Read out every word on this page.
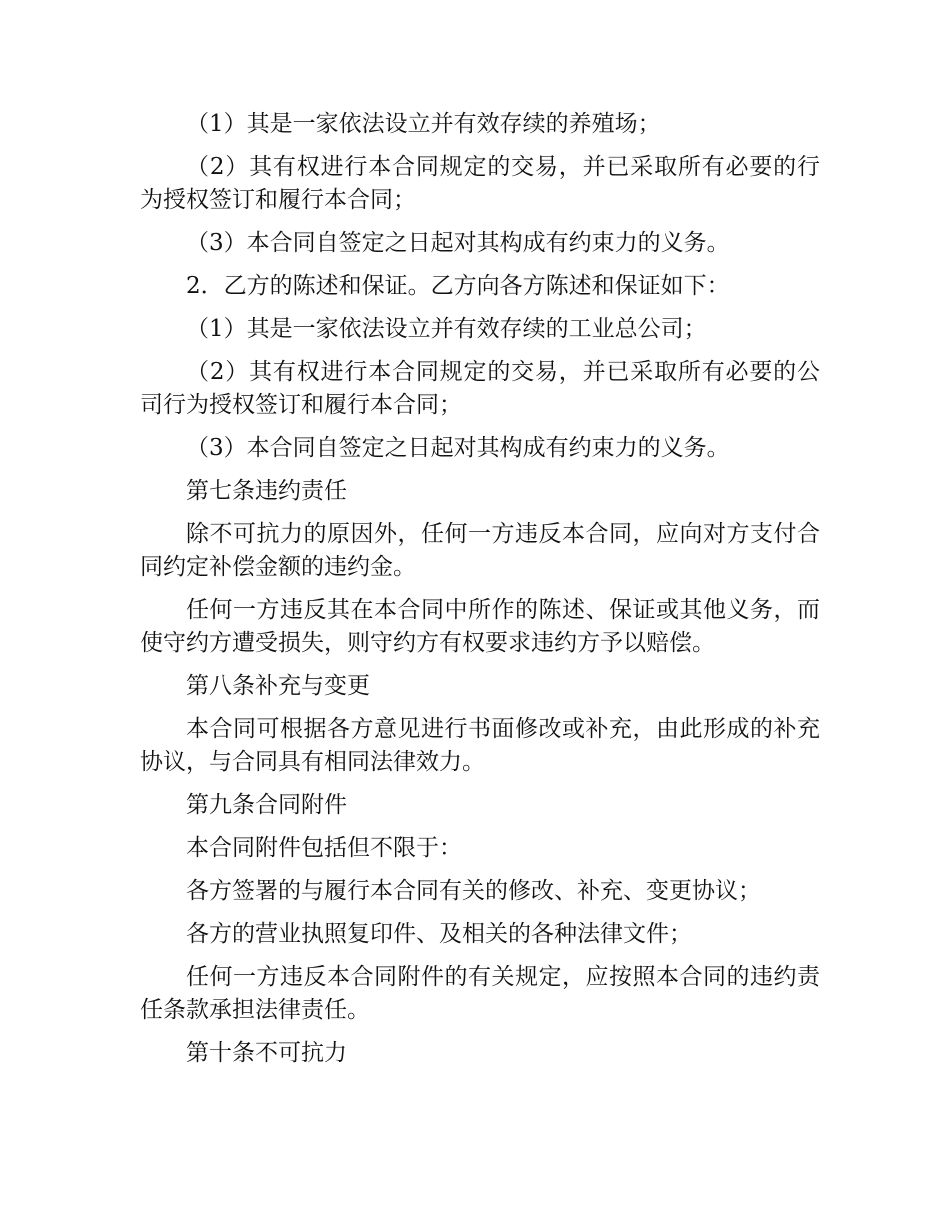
（1）其是一家依法设立并有效存续的养殖场；

（2）其有权进行本合同规定的交易，并已采取所有必要的行为授权签订和履行本合同；

（3）本合同自签定之日起对其构成有约束力的义务。

2．乙方的陈述和保证。乙方向各方陈述和保证如下：

（1）其是一家依法设立并有效存续的工业总公司；

（2）其有权进行本合同规定的交易，并已采取所有必要的公司行为授权签订和履行本合同；

（3）本合同自签定之日起对其构成有约束力的义务。

第七条违约责任

除不可抗力的原因外，任何一方违反本合同，应向对方支付合同约定补偿金额的违约金。

任何一方违反其在本合同中所作的陈述、保证或其他义务，而使守约方遭受损失，则守约方有权要求违约方予以赔偿。

第八条补充与变更

本合同可根据各方意见进行书面修改或补充，由此形成的补充协议，与合同具有相同法律效力。

第九条合同附件

本合同附件包括但不限于：

各方签署的与履行本合同有关的修改、补充、变更协议；

各方的营业执照复印件、及相关的各种法律文件；

任何一方违反本合同附件的有关规定，应按照本合同的违约责任条款承担法律责任。

第十条不可抗力
